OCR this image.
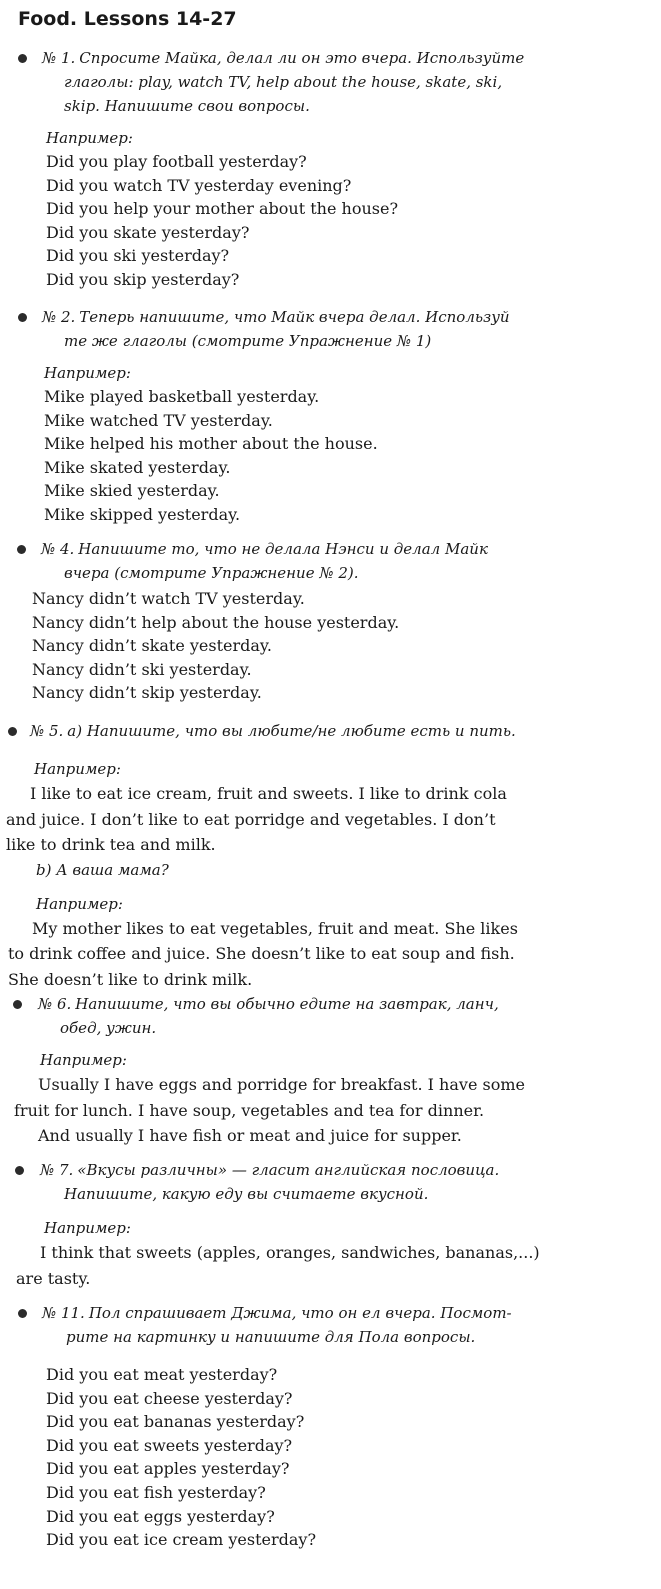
Food. Lessons 14-27
№ 1. Спросите Майка, делал ли он это вчера. Используйте
глаголы: play, watch TV, help about the house, skate, ski,
skip. Напишите свои вопросы.
Например:
Did you play football yesterday?
Did you watch TV yesterday evening?
Did you help your mother about the house?
Did you skate yesterday?
Did you ski yesterday?
Did you skip yesterday?
№ 2. Теперь напишите, что Майк вчера делал. Используй
те же глаголы (смотрите Упражнение № 1)
Например:
Mike played basketball yesterday.
Mike watched TV yesterday.
Mike helped his mother about the house.
Mike skated yesterday.
Mike skied yesterday.
Mike skipped yesterday.
№ 4. Напишите то, что не делала Нэнси и делал Майк
вчера (смотрите Упражнение № 2).
Nancy didn’t watch TV yesterday.
Nancy didn’t help about the house yesterday.
Nancy didn’t skate yesterday.
Nancy didn’t ski yesterday.
Nancy didn’t skip yesterday.
№ 5. a) Напишите, что вы любите/не любите есть и пить.
Например:
I like to eat ice cream, fruit and sweets. I like to drink cola
and juice. I don’t like to eat porridge and vegetables. I don’t
like to drink tea and milk.
b) А ваша мама?
Например:
My mother likes to eat vegetables, fruit and meat. She likes
to drink coffee and juice. She doesn’t like to eat soup and fish.
She doesn’t like to drink milk.
№ 6. Напишите, что вы обычно едите на завтрак, ланч,
обед, ужин.
Например:
Usually I have eggs and porridge for breakfast. I have some
fruit for lunch. I have soup, vegetables and tea for dinner.
And usually I have fish or meat and juice for supper.
№ 7. «Вкусы различны» — гласит английская пословица.
Напишите, какую еду вы считаете вкусной.
Например:
I think that sweets (apples, oranges, sandwiches, bananas,...)
are tasty.
№ 11. Пол спрашивает Джима, что он ел вчера. Посмот-
рите на картинку и напишите для Пола вопросы.
Did you eat meat yesterday?
Did you eat cheese yesterday?
Did you eat bananas yesterday?
Did you eat sweets yesterday?
Did you eat apples yesterday?
Did you eat fish yesterday?
Did you eat eggs yesterday?
Did you eat ice cream yesterday?
